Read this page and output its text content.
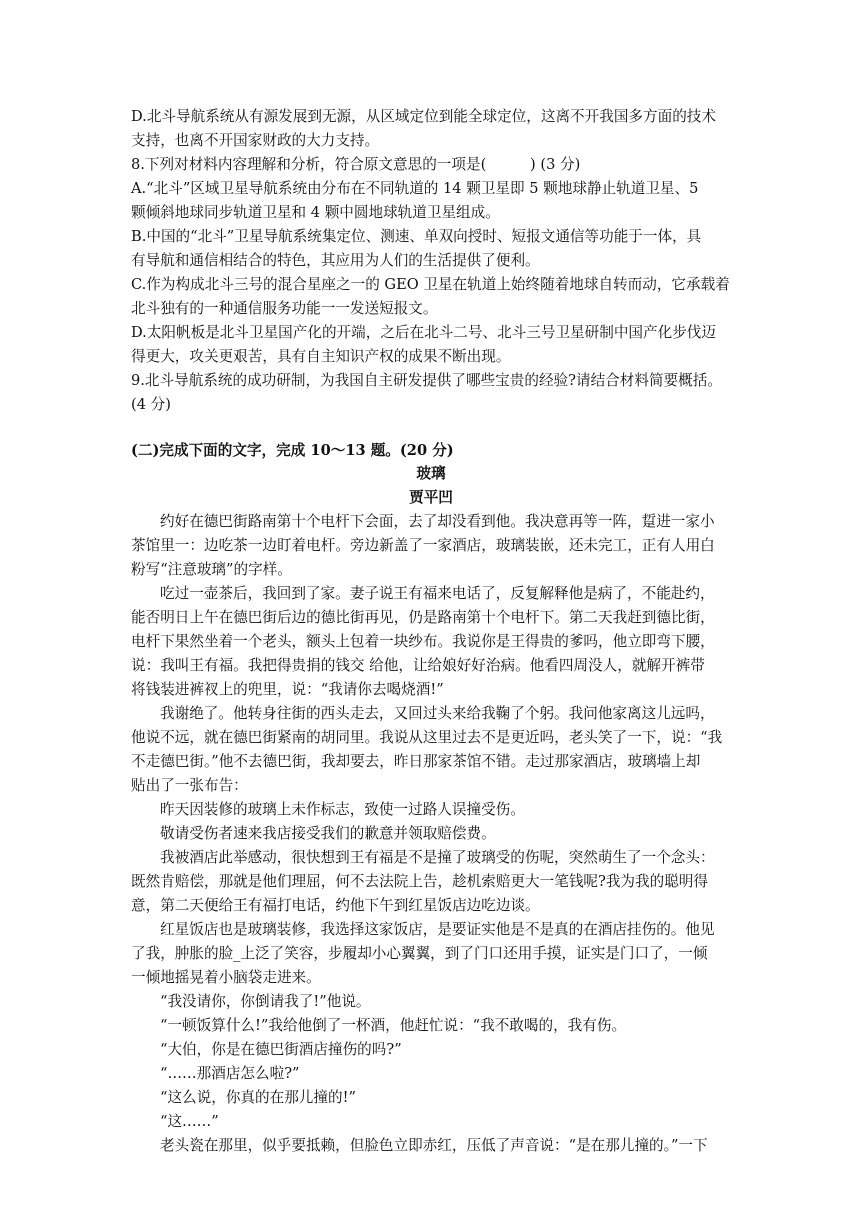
D.北斗导航系统从有源发展到无源，从区域定位到能全球定位，这离不开我国多方面的技术
支持，也离不开国家财政的大力支持。
8.下列对材料内容理解和分析，符合原文意思的一项是(　　　) (3 分)
A.“北斗”区域卫星导航系统由分布在不同轨道的 14 颗卫星即 5 颗地球静止轨道卫星、5
颗倾斜地球同步轨道卫星和 4 颗中圆地球轨道卫星组成。
B.中国的“北斗”卫星导航系统集定位、测速、单双向授时、短报文通信等功能于一体，具
有导航和通信相结合的特色，其应用为人们的生活提供了便利。
C.作为构成北斗三号的混合星座之一的 GEO 卫星在轨道上始终随着地球自转而动，它承载着
北斗独有的一种通信服务功能一一发送短报文。
D.太阳帆板是北斗卫星国产化的开端，之后在北斗二号、北斗三号卫星研制中国产化步伐迈
得更大，攻关更艰苦，具有自主知识产权的成果不断出现。
9.北斗导航系统的成功研制，为我国自主研发提供了哪些宝贵的经验?请结合材料简要概括。
(4 分)
(二)完成下面的文字，完成 10～13 题。(20 分)
玻璃
贾平凹
约好在德巴街路南第十个电杆下会面，去了却没看到他。我决意再等一阵，踅进一家小
茶馆里一：边吃茶一边盯着电杆。旁边新盖了一家酒店，玻璃装嵌，还未完工，正有人用白
粉写“注意玻璃”的字样。
吃过一壶茶后，我回到了家。妻子说王有福来电话了，反复解释他是病了，不能赴约，
能否明日上午在德巴街后边的德比街再见，仍是路南第十个电杆下。第二天我赶到德比街，
电杆下果然坐着一个老头，额头上包着一块纱布。我说你是王得贵的爹吗，他立即弯下腰，
说：我叫王有福。我把得贵捐的钱交 给他，让给娘好好治病。他看四周没人，就解开裤带
将钱装进裤衩上的兜里，说：“我请你去喝烧酒!”
我谢绝了。他转身往街的西头走去，又回过头来给我鞠了个躬。我问他家离这儿远吗，
他说不远，就在德巴街紧南的胡同里。我说从这里过去不是更近吗，老头笑了一下，说：“我
不走德巴街。”他不去德巴街，我却要去，昨日那家茶馆不错。走过那家酒店，玻璃墙上却
贴出了一张布告：
昨天因装修的玻璃上未作标志，致使一过路人误撞受伤。
敬请受伤者速来我店接受我们的歉意并领取赔偿费。
我被酒店此举感动，很快想到王有福是不是撞了玻璃受的伤呢，突然萌生了一个念头：
既然肯赔偿，那就是他们理屈，何不去法院上告，趁机索赔更大一笔钱呢?我为我的聪明得
意，第二天便给王有福打电话，约他下午到红星饭店边吃边谈。
红星饭店也是玻璃装修，我选择这家饭店，是要证实他是不是真的在酒店挂伤的。他见
了我，肿胀的脸_上泛了笑容，步履却小心翼翼，到了门口还用手摸，证实是门口了，一倾
一倾地摇晃着小脑袋走进来。
“我没请你，你倒请我了!”他说。
“一顿饭算什么!”我给他倒了一杯酒，他赶忙说：“我不敢喝的，我有伤。
“大伯，你是在德巴街酒店撞伤的吗?”
“……那酒店怎么啦?”
“这么说，你真的在那儿撞的!”
“这……”
老头瓷在那里，似乎要抵赖，但脸色立即赤红，压低了声音说：“是在那儿撞的。”一下
